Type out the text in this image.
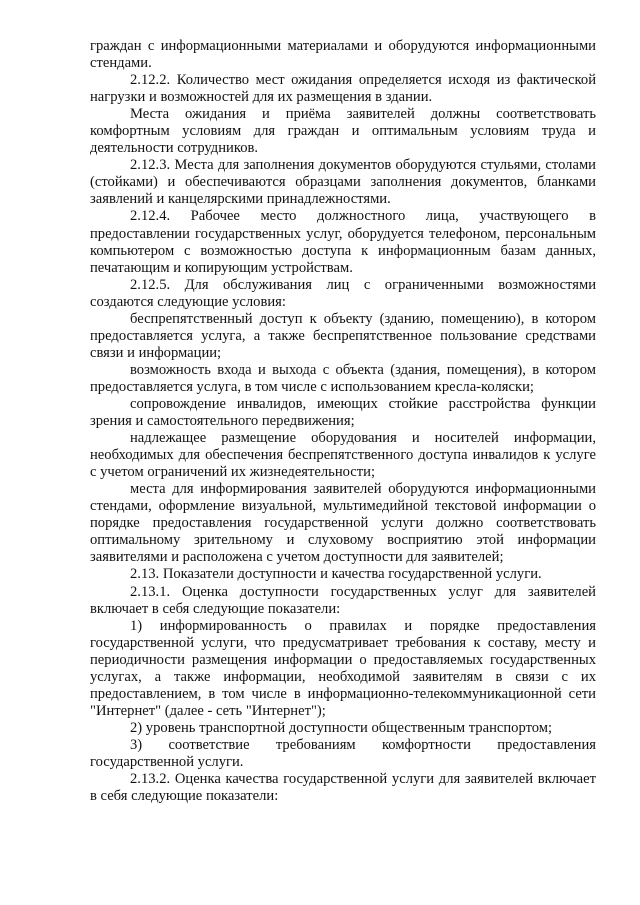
граждан с информационными материалами и оборудуются информационными стендами.

2.12.2. Количество мест ожидания определяется исходя из фактической нагрузки и возможностей для их размещения в здании.

Места ожидания и приёма заявителей должны соответствовать комфортным условиям для граждан и оптимальным условиям труда и деятельности сотрудников.

2.12.3. Места для заполнения документов оборудуются стульями, столами (стойками) и обеспечиваются образцами заполнения документов, бланками заявлений и канцелярскими принадлежностями.

2.12.4. Рабочее место должностного лица, участвующего в предоставлении государственных услуг, оборудуется телефоном, персональным компьютером с возможностью доступа к информационным базам данных, печатающим и копирующим устройствам.

2.12.5. Для обслуживания лиц с ограниченными возможностями создаются следующие условия:

беспрепятственный доступ к объекту (зданию, помещению), в котором предоставляется услуга, а также беспрепятственное пользование средствами связи и информации;

возможность входа и выхода с объекта (здания, помещения), в котором предоставляется услуга, в том числе с использованием кресла-коляски;

сопровождение инвалидов, имеющих стойкие расстройства функции зрения и самостоятельного передвижения;

надлежащее размещение оборудования и носителей информации, необходимых для обеспечения беспрепятственного доступа инвалидов к услуге с учетом ограничений их жизнедеятельности;

места для информирования заявителей оборудуются информационными стендами, оформление визуальной, мультимедийной текстовой информации о порядке предоставления государственной услуги должно соответствовать оптимальному зрительному и слуховому восприятию этой информации заявителями и расположена с учетом доступности для заявителей;

2.13. Показатели доступности и качества государственной услуги.

2.13.1. Оценка доступности государственных услуг для заявителей включает в себя следующие показатели:

1) информированность о правилах и порядке предоставления государственной услуги, что предусматривает требования к составу, месту и периодичности размещения информации о предоставляемых государственных услугах, а также информации, необходимой заявителям в связи с их предоставлением, в том числе в информационно-телекоммуникационной сети "Интернет" (далее - сеть "Интернет");

2) уровень транспортной доступности общественным транспортом;

3) соответствие требованиям комфортности предоставления государственной услуги.

2.13.2. Оценка качества государственной услуги для заявителей включает в себя следующие показатели:
